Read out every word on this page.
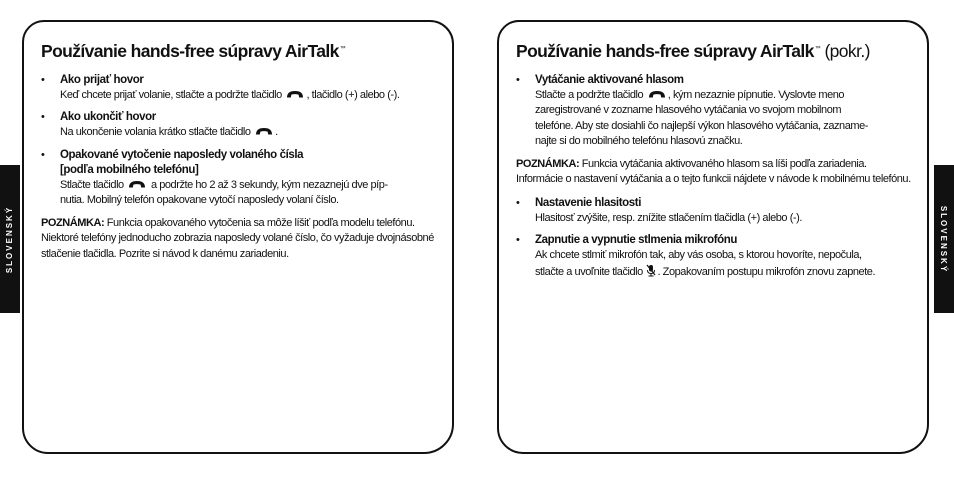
SLOVENSKÝ	SLOVENSKÝ
Používanie hands-free súpravy AirTalk™
• Ako prijať hovor
Keď chcete prijať volanie, stlačte a podržte tlačidlo , tlačidlo (+) alebo (-).
• Ako ukončiť hovor
Na ukončenie volania krátko stlačte tlačidlo .
• Opakované vytočenie naposledy volaného čísla
[podľa mobilného telefónu]
Stlačte tlačidlo a podržte ho 2 až 3 sekundy, kým nezaznejú dve píp-
nutia. Mobilný telefón opakovane vytočí naposledy volaní číslo.
POZNÁMKA: Funkcia opakovaného vytočenia sa môže líšiť podľa modelu telefónu. Niektoré telefóny jednoducho zobrazia naposledy volané číslo, čo vyžaduje dvojnásobné stlačenie tlačidla. Pozrite si návod k danému zariadeniu.
Používanie hands-free súpravy AirTalk™ (pokr.)
• Vytáčanie aktivované hlasom
Stlačte a podržte tlačidlo , kým nezaznie pípnutie. Vyslovte meno
zaregistrované v zozname hlasového vytáčania vo svojom mobilnom
telefóne. Aby ste dosiahli čo najlepší výkon hlasového vytáčania, zazname-
najte si do mobilného telefónu hlasovú značku.
POZNÁMKA: Funkcia vytáčania aktivovaného hlasom sa líši podľa zariadenia. Informácie o nastavení vytáčania a o tejto funkcii nájdete v návode k mobilnému telefónu.
• Nastavenie hlasitosti
Hlasitosť zvýšite, resp. znížite stlačením tlačidla (+) alebo (-).
• Zapnutie a vypnutie stlmenia mikrofónu
Ak chcete stlmiť mikrofón tak, aby vás osoba, s ktorou hovoríte, nepočula,
stlačte a uvoľnite tlačidlo . Zopakovaním postupu mikrofón znovu zapnete.
